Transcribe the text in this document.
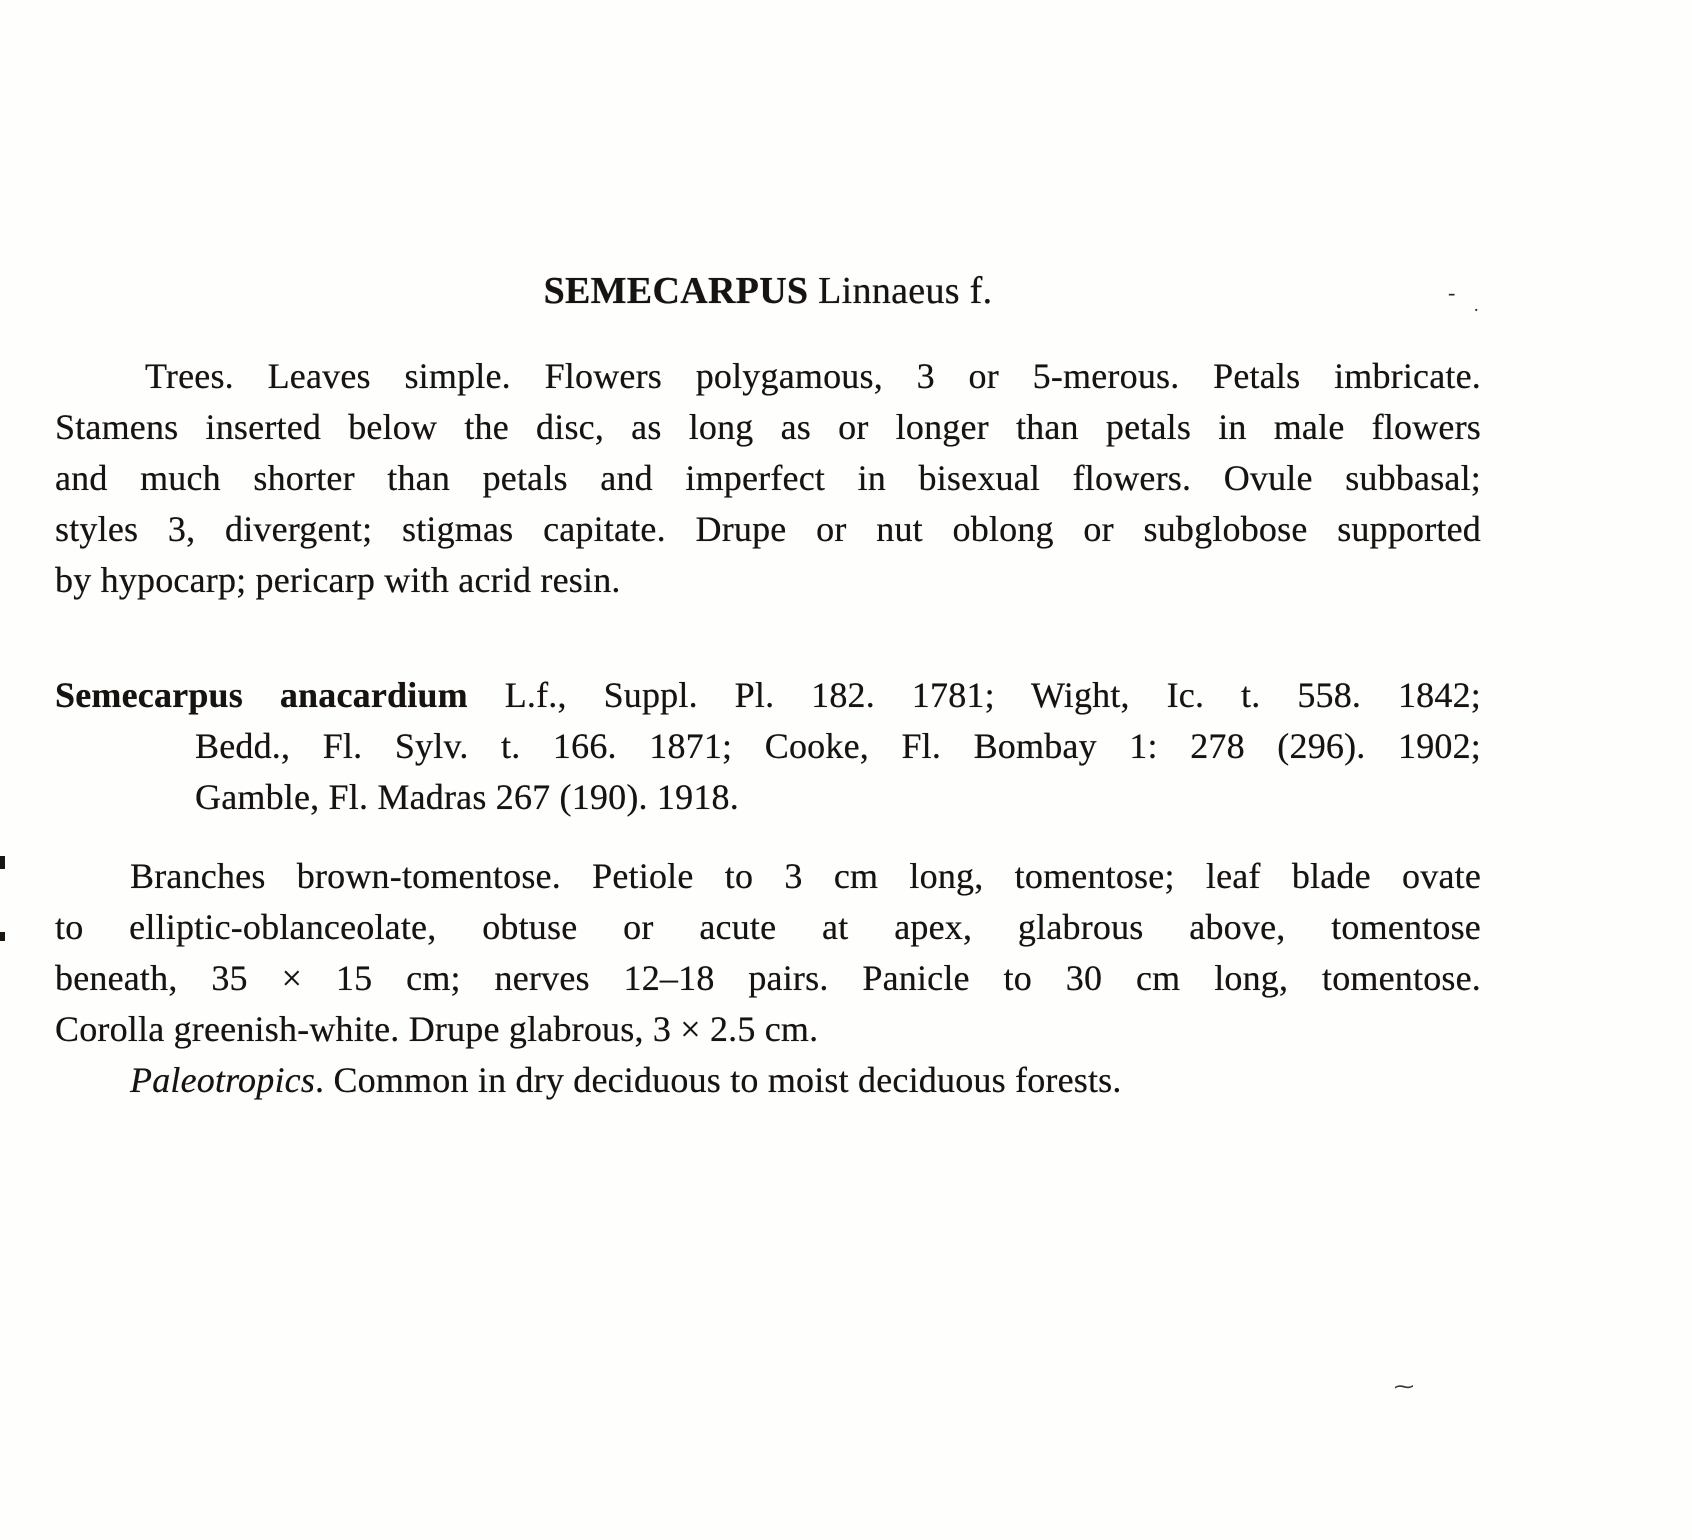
- .
⁓
SEMECARPUS Linnaeus f.
Trees. Leaves simple. Flowers polygamous, 3 or 5-merous. Petals imbricate.
Stamens inserted below the disc, as long as or longer than petals in male flowers
and much shorter than petals and imperfect in bisexual flowers. Ovule subbasal;
styles 3, divergent; stigmas capitate. Drupe or nut oblong or subglobose supported
by hypocarp; pericarp with acrid resin.
Semecarpus anacardium L.f., Suppl. Pl. 182. 1781; Wight, Ic. t. 558. 1842;
Bedd., Fl. Sylv. t. 166. 1871; Cooke, Fl. Bombay 1: 278 (296). 1902;
Gamble, Fl. Madras 267 (190). 1918.
Branches brown-tomentose. Petiole to 3 cm long, tomentose; leaf blade ovate
to elliptic-oblanceolate, obtuse or acute at apex, glabrous above, tomentose
beneath, 35 × 15 cm; nerves 12–18 pairs. Panicle to 30 cm long, tomentose.
Corolla greenish-white. Drupe glabrous, 3 × 2.5 cm.
Paleotropics. Common in dry deciduous to moist deciduous forests.
